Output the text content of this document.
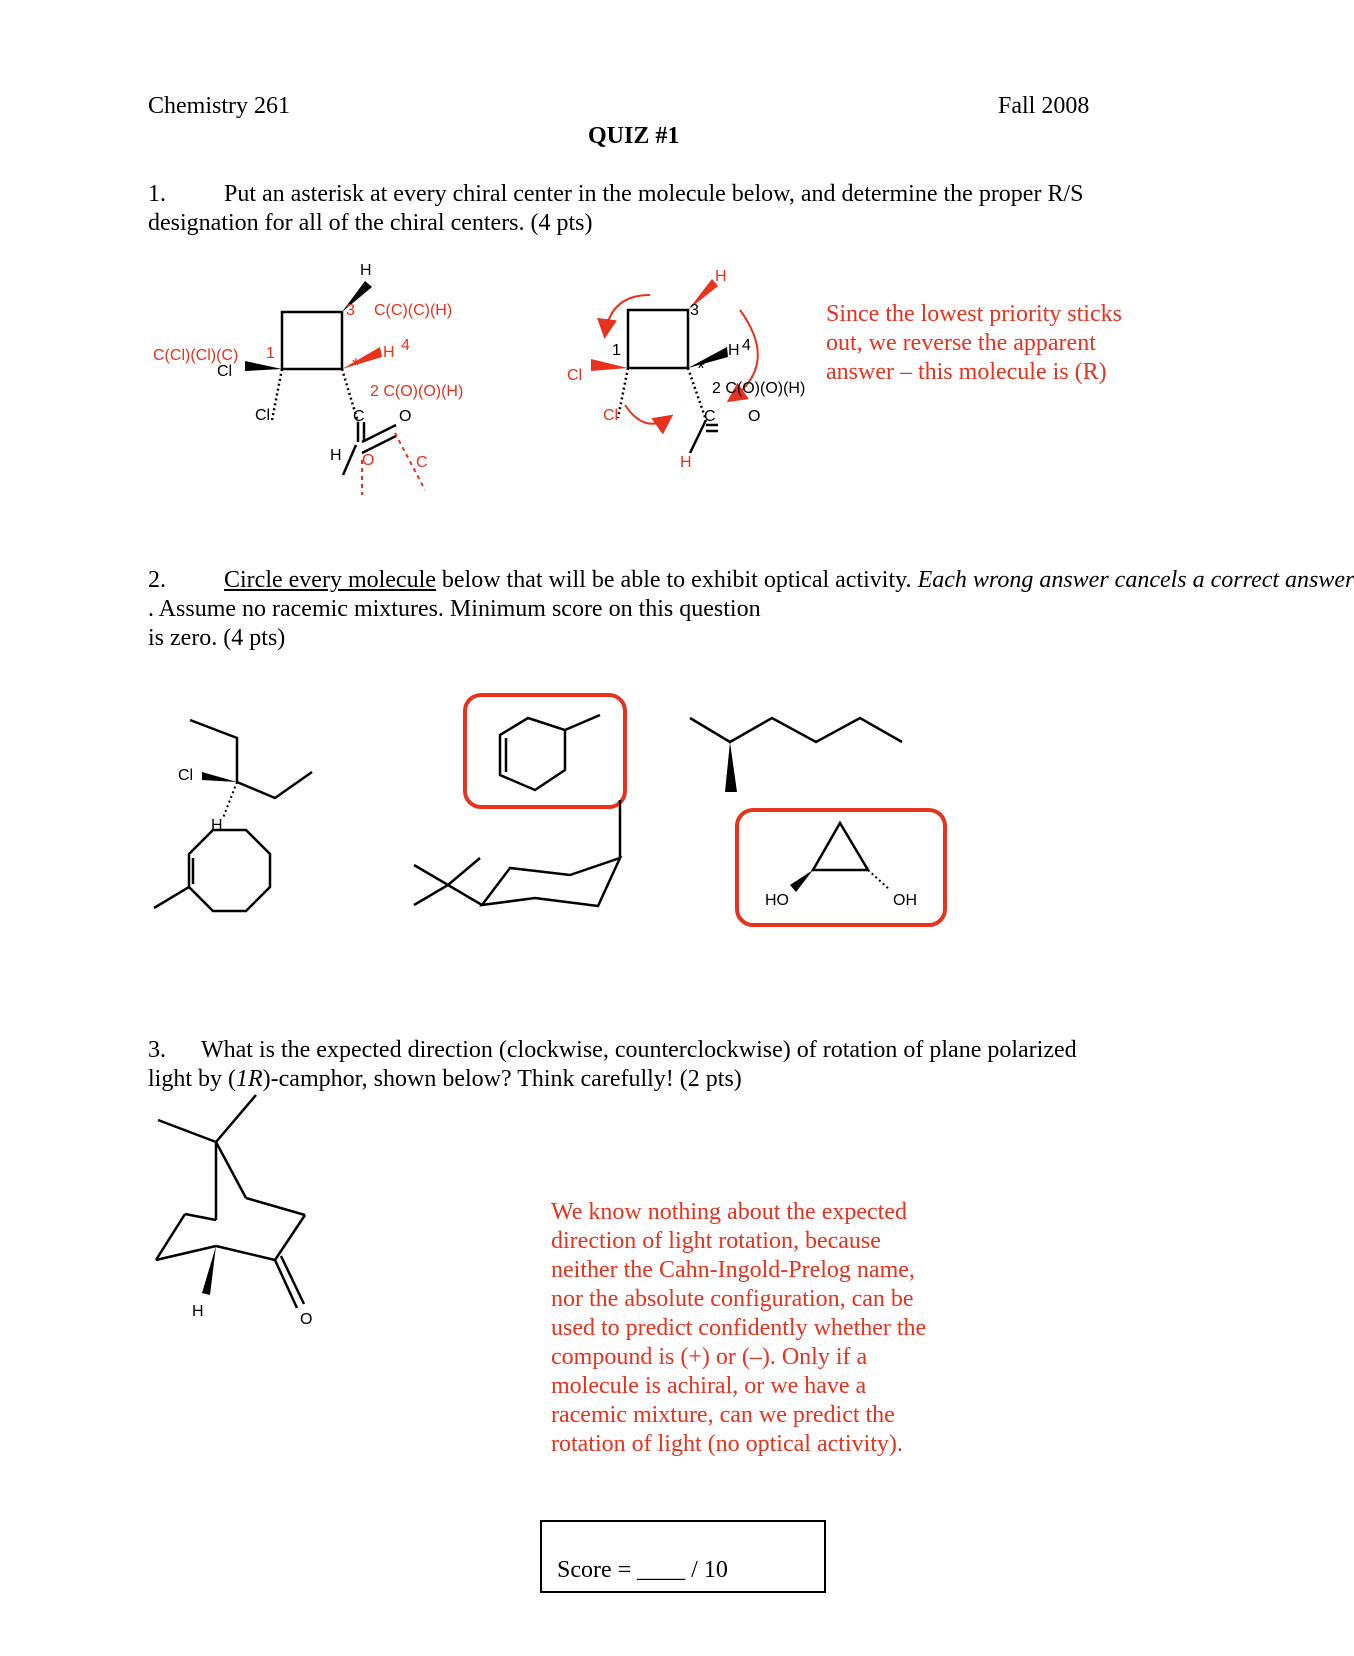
Chemistry 261	Fall 2008
QUIZ #1
1. Put an asterisk at every chiral center in the molecule below, and determine the proper R/S
designation for all of the chiral centers. (4 pts)
H
3 C(C)(C)(H)
H 4
C(Cl)(Cl)(C) 1
Cl
Cl
*
2 C(O)(O)(H)
C O
H O	C
H
3
H 4
1
Cl
Cl
*
2 C(O)(O)(H)
C O
H
Since the lowest priority sticks
out, we reverse the apparent
answer – this molecule is (R)
2. Circle every molecule below that will be able to exhibit optical activity. Each wrong answer cancels a correct answer
. Assume no racemic mixtures. Minimum score on this question
is zero. (4 pts)
Cl
H
HO	OH
3. What is the expected direction (clockwise, counterclockwise) of rotation of plane polarized
light by (1R)-camphor, shown below? Think carefully! (2 pts)
H	O
We know nothing about the expected
direction of light rotation, because
neither the Cahn-Ingold-Prelog name,
nor the absolute configuration, can be
used to predict confidently whether the
compound is (+) or (–). Only if a
molecule is achiral, or we have a
racemic mixture, can we predict the
rotation of light (no optical activity).
Score = ____ / 10
